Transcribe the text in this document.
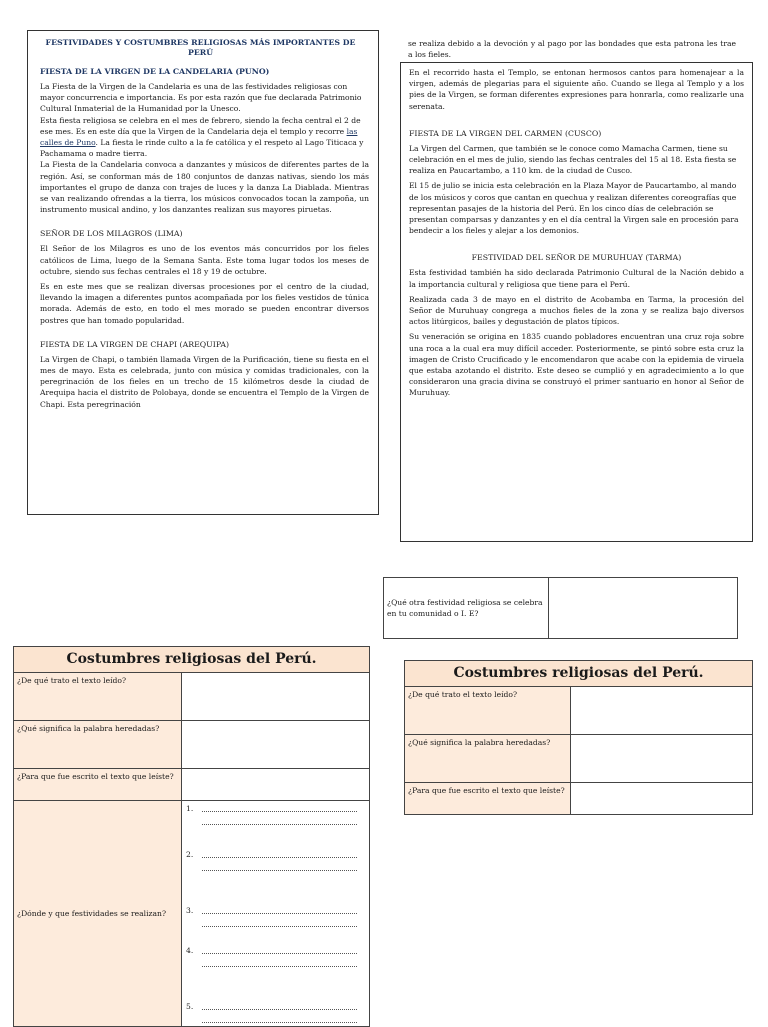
FESTIVIDADES Y COSTUMBRES RELIGIOSAS MÁS IMPORTANTES DE PERÚ

FIESTA DE LA VIRGEN DE LA CANDELARIA (PUNO)

La Fiesta de la Virgen de la Candelaria es una de las festividades religiosas con mayor concurrencia e importancia. Es por esta razón que fue declarada Patrimonio Cultural Inmaterial de la Humanidad por la Unesco.

Esta fiesta religiosa se celebra en el mes de febrero, siendo la fecha central el 2 de ese mes. Es en este día que la Virgen de la Candelaria deja el templo y recorre las calles de Puno. La fiesta le rinde culto a la fe católica y el respeto al Lago Titicaca y Pachamama o madre tierra.

La Fiesta de la Candelaria convoca a danzantes y músicos de diferentes partes de la región. Así, se conforman más de 180 conjuntos de danzas nativas, siendo los más importantes el grupo de danza con trajes de luces y la danza La Diablada. Mientras se van realizando ofrendas a la tierra, los músicos convocados tocan la zampoña, un instrumento musical andino, y los danzantes realizan sus mayores piruetas.

SEÑOR DE LOS MILAGROS (LIMA)

El Señor de los Milagros es uno de los eventos más concurridos por los fieles católicos de Lima, luego de la Semana Santa. Este toma lugar todos los meses de octubre, siendo sus fechas centrales el 18 y 19 de octubre.

Es en este mes que se realizan diversas procesiones por el centro de la ciudad, llevando la imagen a diferentes puntos acompañada por los fieles vestidos de túnica morada. Además de esto, en todo el mes morado se pueden encontrar diversos postres que han tomado popularidad.

FIESTA DE LA VIRGEN DE CHAPI (AREQUIPA)

La Virgen de Chapi, o también llamada Virgen de la Purificación, tiene su fiesta en el mes de mayo. Esta es celebrada, junto con música y comidas tradicionales, con la peregrinación de los fieles en un trecho de 15 kilómetros desde la ciudad de Arequipa hacia el distrito de Polobaya, donde se encuentra el Templo de la Virgen de Chapi. Esta peregrinación

se realiza debido a la devoción y al pago por las bondades que esta patrona les trae a los fieles.

En el recorrido hasta el Templo, se entonan hermosos cantos para homenajear a la virgen, además de plegarias para el siguiente año. Cuando se llega al Templo y a los pies de la Virgen, se forman diferentes expresiones para honrarla, como realizarle una serenata.

FIESTA DE LA VIRGEN DEL CARMEN (CUSCO)

La Virgen del Carmen, que también se le conoce como Mamacha Carmen, tiene su celebración en el mes de julio, siendo las fechas centrales del 15 al 18. Esta fiesta se realiza en Paucartambo, a 110 km. de la ciudad de Cusco.

El 15 de julio se inicia esta celebración en la Plaza Mayor de Paucartambo, al mando de los músicos y coros que cantan en quechua y realizan diferentes coreografías que representan pasajes de la historia del Perú. En los cinco días de celebración se presentan comparsas y danzantes y en el día central la Virgen sale en procesión para bendecir a los fieles y alejar a los demonios.

FESTIVIDAD DEL SEÑOR DE MURUHUAY (TARMA)

Esta festividad también ha sido declarada Patrimonio Cultural de la Nación debido a la importancia cultural y religiosa que tiene para el Perú.

Realizada cada 3 de mayo en el distrito de Acobamba en Tarma, la procesión del Señor de Muruhuay congrega a muchos fieles de la zona y se realiza bajo diversos actos litúrgicos, bailes y degustación de platos típicos.

Su veneración se origina en 1835 cuando pobladores encuentran una cruz roja sobre una roca a la cual era muy difícil acceder. Posteriormente, se pintó sobre esta cruz la imagen de Cristo Crucificado y le encomendaron que acabe con la epidemia de viruela que estaba azotando el distrito. Este deseo se cumplió y en agradecimiento a lo que consideraron una gracia divina se construyó el primer santuario en honor al Señor de Muruhuay.

¿Qué otra festividad religiosa se celebra en tu comunidad o I. E?	
Costumbres religiosas del Perú.	
¿De qué trato el texto leído?	
¿Qué significa la palabra heredadas?	
¿Para que fue escrito el texto que leíste?	
¿Dónde y que festividades se realizan?	1.
2.
3.
4.
5.
Costumbres religiosas del Perú.	
¿De qué trato el texto leído?	
¿Qué significa la palabra heredadas?	
¿Para que fue escrito el texto que leíste?	
